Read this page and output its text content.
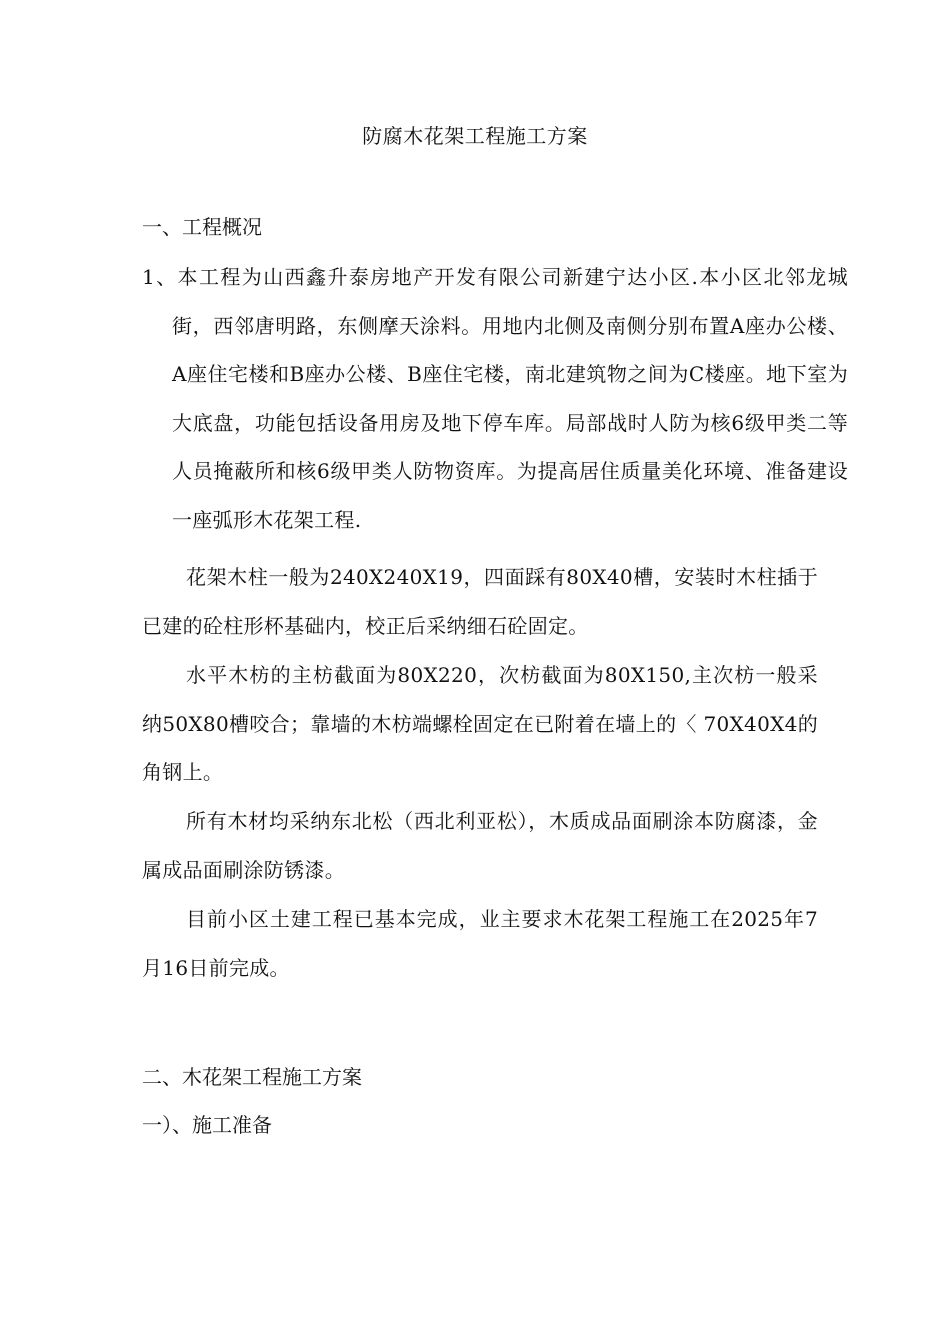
防腐木花架工程施工方案
一、工程概况
1、本工程为山西鑫升泰房地产开发有限公司新建宁达小区.本小区北邻龙城街，西邻唐明路，东侧摩天涂料。用地内北侧及南侧分别布置A座办公楼、A座住宅楼和B座办公楼、B座住宅楼，南北建筑物之间为C楼座。地下室为大底盘，功能包括设备用房及地下停车库。局部战时人防为核6级甲类二等人员掩蔽所和核6级甲类人防物资库。为提高居住质量美化环境、准备建设一座弧形木花架工程.
花架木柱一般为240X240X19，四面踩有80X40槽，安装时木柱插于已建的砼柱形杯基础内，校正后采纳细石砼固定。
水平木枋的主枋截面为80X220，次枋截面为80X150,主次枋一般采纳50X80槽咬合；靠墙的木枋端螺栓固定在已附着在墙上的〈 70X40X4的角钢上。
所有木材均采纳东北松（西北利亚松），木质成品面刷涂本防腐漆，金属成品面刷涂防锈漆。
目前小区土建工程已基本完成，业主要求木花架工程施工在2025年7月16日前完成。
二、木花架工程施工方案
一）、施工准备
